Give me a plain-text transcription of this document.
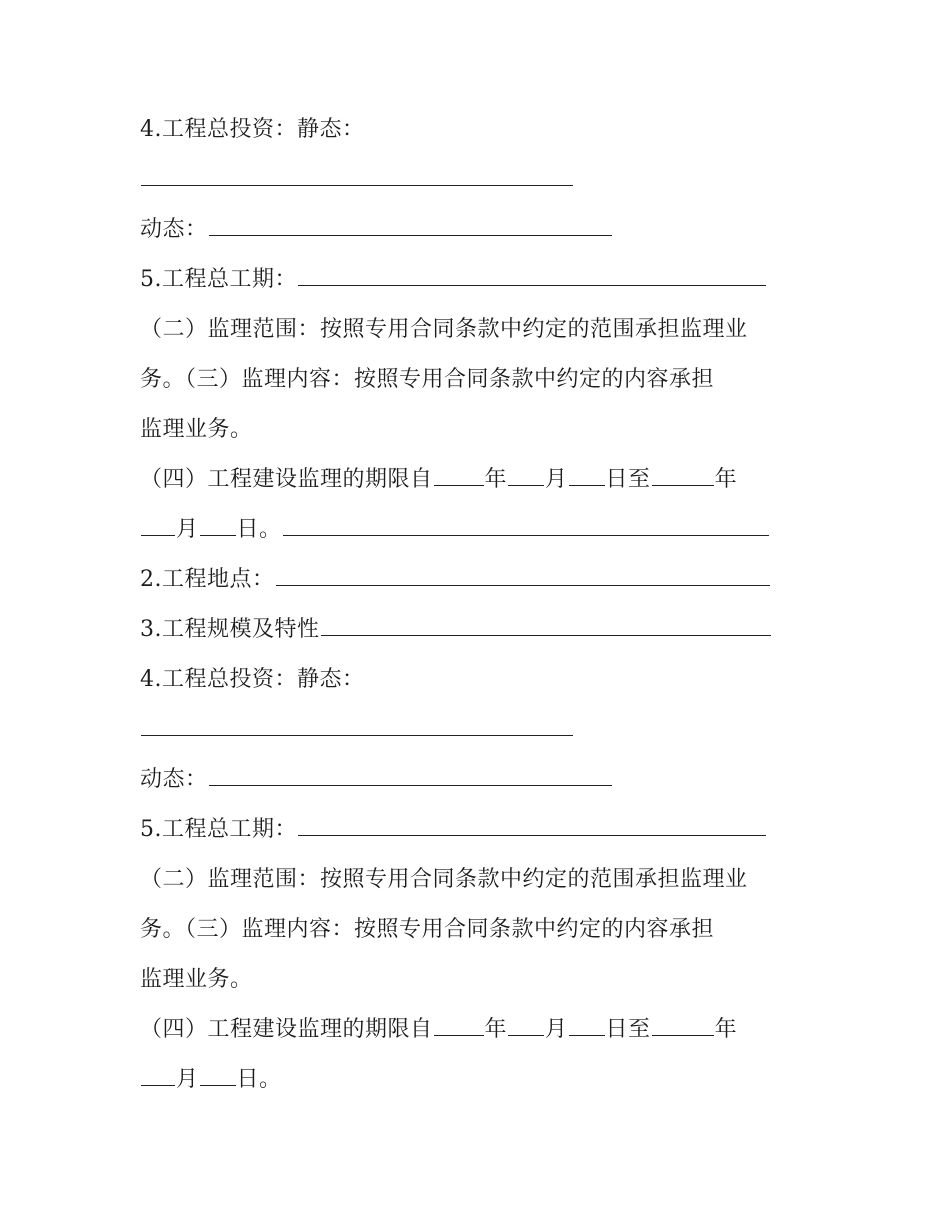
4.工程总投资：静态：
动态：
5.工程总工期：
（二）监理范围：按照专用合同条款中约定的范围承担监理业
务。（三）监理内容：按照专用合同条款中约定的内容承担
监理业务。
（四）工程建设监理的期限自 年 月 日至	年
月 日。
2.工程地点：
3.工程规模及特性
4.工程总投资：静态：
动态：
5.工程总工期：
（二）监理范围：按照专用合同条款中约定的范围承担监理业
务。（三）监理内容：按照专用合同条款中约定的内容承担
监理业务。
（四）工程建设监理的期限自 年 月 日至	年
月 日。
